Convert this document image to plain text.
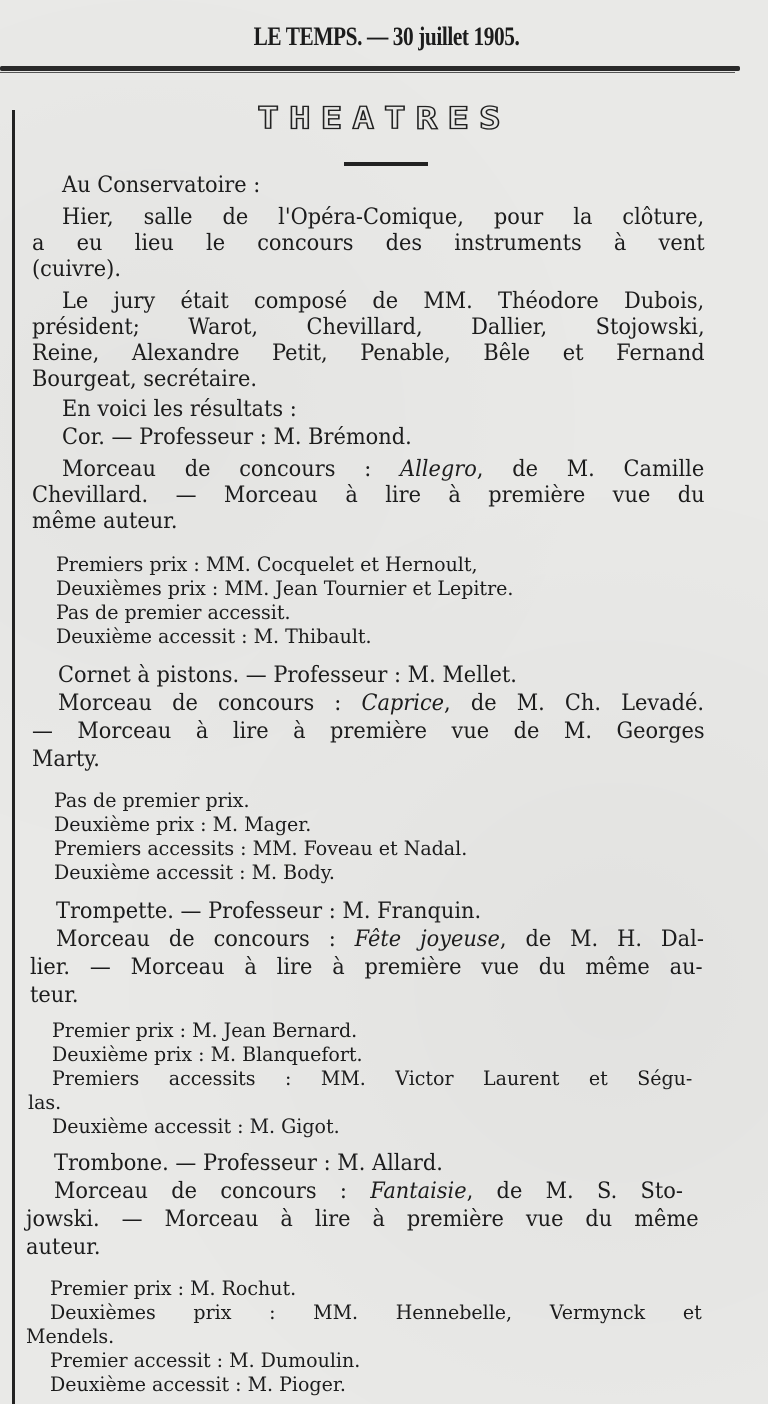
LE TEMPS. — 30 juillet 1905.
THEATRES
Au Conservatoire :
Hier, salle de l'Opéra-Comique, pour la clôture,
a eu lieu le concours des instruments à vent
(cuivre).
Le jury était composé de MM. Théodore Dubois,
président; Warot, Chevillard, Dallier, Stojowski,
Reine, Alexandre Petit, Penable, Bêle et Fernand
Bourgeat, secrétaire.
En voici les résultats :
Cor. — Professeur : M. Brémond.
Morceau de concours : Allegro, de M. Camille
Chevillard. — Morceau à lire à première vue du
même auteur.
Premiers prix : MM. Cocquelet et Hernoult,
Deuxièmes prix : MM. Jean Tournier et Lepitre.
Pas de premier accessit.
Deuxième accessit : M. Thibault.
Cornet à pistons. — Professeur : M. Mellet.
Morceau de concours : Caprice, de M. Ch. Levadé.
— Morceau à lire à première vue de M. Georges
Marty.
Pas de premier prix.
Deuxième prix : M. Mager.
Premiers accessits : MM. Foveau et Nadal.
Deuxième accessit : M. Body.
Trompette. — Professeur : M. Franquin.
Morceau de concours : Fête joyeuse, de M. H. Dal-
lier. — Morceau à lire à première vue du même au-
teur.
Premier prix : M. Jean Bernard.
Deuxième prix : M. Blanquefort.
Premiers accessits : MM. Victor Laurent et Ségu-
las.
Deuxième accessit : M. Gigot.
Trombone. — Professeur : M. Allard.
Morceau de concours : Fantaisie, de M. S. Sto-
jowski. — Morceau à lire à première vue du même
auteur.
Premier prix : M. Rochut.
Deuxièmes prix : MM. Hennebelle, Vermynck et
Mendels.
Premier accessit : M. Dumoulin.
Deuxième accessit : M. Pioger.
